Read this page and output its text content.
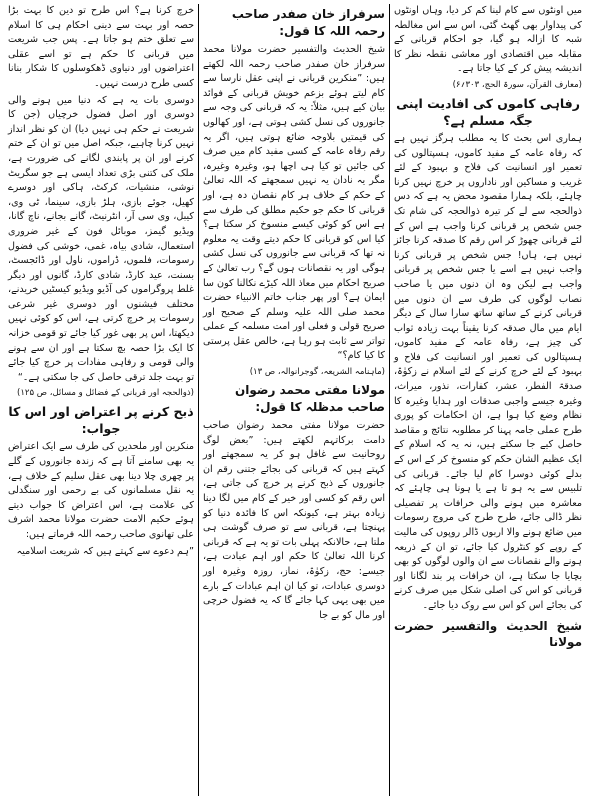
میں اونٹوں سے کام لینا کم کر دیا، وہاں اونٹوں کی پیداوار بھی گھٹ گئی، اس سے اس مغالطہ شبہ کا ازالہ ہو گیا، جو احکام قربانی کے مقابلہ میں اقتصادی اور معاشی نقطہ نظر کا اندیشہ پیش کر کے کیا جاتا ہے۔

(معارف القرآن، سورۃ الحج، ۳۰۳؍۶)

رفاہی کاموں کی افادیت اپنی جگہ مسلم ہے؟

ہماری اس بحث کا یہ مطلب ہرگز نہیں ہے کہ رفاہ عامہ کے مفید کاموں، ہسپتالوں کی تعمیر اور انسانیت کی فلاح و بہبود کے لئے غریب و مساکین اور ناداروں پر خرچ نہیں کرنا چاہئے، بلکہ ہمارا مقصود محض یہ ہے کہ دس ذوالحجہ سے لے کر تیرہ ذوالحجہ کی شام تک جس شخص پر قربانی کرنا واجب ہے اس کے لئے قربانی چھوڑ کر اس رقم کا صدقہ کرنا جائز نہیں ہے، ہاں! جس شخص پر قربانی کرنا واجب نہیں ہے اسے یا جس شخص پر قربانی واجب ہے لیکن وہ ان دنوں میں یا صاحب نصاب لوگوں کی طرف سے ان دنوں میں قربانی کرنے کے ساتھ ساتھ سارا سال کے دیگر ایام میں مال صدقہ کرنا یقیناً بہت زیادہ ثواب کی چیز ہے، رفاہ عامہ کے مفید کاموں، ہسپتالوں کی تعمیر اور انسانیت کی فلاح و بہبود کے لئے خرچ کرنے کے لئے اسلام نے زکوٰۃ، صدقۃ الفطر، عشر، کفارات، نذور، میراث، وغیرہ جیسے واجبی صدقات اور ہدایا وغیرہ کا نظام وضع کیا ہوا ہے، ان احکامات کو پوری طرح عملی جامہ پہنا کر مطلوبہ نتائج و مقاصد حاصل کیے جا سکتے ہیں، نہ یہ کہ اسلام کے ایک عظیم الشان حکم کو منسوخ کر کے اس کے بدلے کوئی دوسرا کام لیا جائے۔ قربانی کی تلبیس سے یہ ہو تا ہے یا ہونا ہی چاہئے کہ معاشرہ میں ہونے والی خرافات پر تفصیلی نظر ڈالی جائے، طرح طرح کی مروج رسومات میں ضائع ہونے والا اربوں ڈالر روپوں کی مالیت کے روپے کو کنٹرول کیا جائے، تو ان کے ذریعہ ہونے والے نقصانات سے ان والوں لوگوں کو بھی بچایا جا سکتا ہے، ان خرافات پر بند لگانا اور قربانی کو اس کی اصلی شکل میں صرف کرنے کی بجائے اس کو اس سے روک دیا جائے۔

شیخ الحدیث والتفسیر حضرت مولانا
سرفراز خان صفدر صاحب رحمہ اللہ کا قول:

شیخ الحدیث والتفسیر حضرت مولانا محمد سرفراز خان صفدر صاحب رحمہ اللہ لکھتے ہیں: ”منکرین قربانی نے اپنی عقل نارسا سے کام لیتے ہوئے بزعم خویش قربانی کے فوائد بیان کیے ہیں، مثلاً: یہ کہ قربانی کی وجہ سے جانوروں کی نسل کشی ہوتی ہے، اور کھالوں کی قیمتیں بلاوجہ ضائع ہوتی ہیں، اگر یہ رقم رفاہ عامہ کے کسی مفید کام میں صرف کی جائیں تو کیا ہی اچھا ہو، وغیرہ وغیرہ، مگر یہ نادان یہ نہیں سمجھتے کہ اللہ تعالیٰ کے حکم کے خلاف ہر کام نقصان دہ ہے، اور قربانی کا حکم جو حکیم مطلق کی طرف سے ہے اس کو کوئی کیسے منسوخ کر سکتا ہے؟ کیا اس کو قربانی کا حکم دیتے وقت یہ معلوم نہ تھا کہ قربانی سے جانوروں کی نسل کشی ہوگی اور یہ نقصانات ہوں گے؟ رب تعالیٰ کے صریح احکام میں معاذ اللہ کیڑے نکالنا کون سا ایمان ہے؟ اور پھر جناب خاتم الانبیاء حضرت محمد صلی اللہ علیہ وسلم کے صحیح اور صریح قولی و فعلی اور امت مسلمہ کے عملی تواتر سے ثابت ہو رہا ہے، خالص عقل پرستی کا کیا کام؟“

(ماہنامہ الشریعہ، گوجرانوالہ، ص ۱۳)

مولانا مفتی محمد رضوان صاحب مدظلہ کا قول:

حضرت مولانا مفتی محمد رضوان صاحب دامت برکاتہم لکھتے ہیں: ”بعض لوگ روحانیت سے غافل ہو کر یہ سمجھتے اور کہتے ہیں کہ قربانی کی بجائے جتنی رقم ان جانوروں کے ذبح کرنے پر خرچ کی جاتی ہے، اس رقم کو کسی اور خیر کے کام میں لگا دینا زیادہ بہتر ہے، کیونکہ اس کا فائدہ دنیا کو پہنچتا ہے، قربانی سے تو صرف گوشت ہی ملتا ہے، حالانکہ پہلی بات تو یہ ہے کہ قربانی کرنا اللہ تعالیٰ کا حکم اور اہم عبادت ہے، جیسے: حج، زکوٰۃ، نماز، روزہ وغیرہ اور دوسری عبادات، تو کیا ان اہم عبادات کے بارے میں بھی یہی کہا جائے گا کہ یہ فضول خرچی اور مال کو بے جا

خرچ کرنا ہے؟ اس طرح تو دین کا بہت بڑا حصہ اور بہت سے دینی احکام ہی کا اسلام سے تعلق ختم ہو جاتا ہے۔ پس جب شریعت میں قربانی کا حکم ہے تو اسے عقلی اعتراضوں اور دنیاوی ڈھکوسلوں کا شکار بنانا کسی طرح درست نہیں۔

دوسری بات یہ ہے کہ دنیا میں ہونے والی دوسری اور اصل فضول خرچیاں (جن کا شریعت نے حکم ہی نہیں دیا) ان کو نظر انداز نہیں کرنا چاہیے، جبکہ اصل میں تو ان کے ختم کرنے اور ان پر پابندی لگانے کی ضرورت ہے، ملک کی کتنی بڑی تعداد ایسی ہے جو سگریٹ نوشی، منشیات، کرکٹ، ہاکی اور دوسرے کھیل، جوئے بازی، ہلڑ بازی، سینما، ٹی وی، کیبل، وی سی آر، انٹرنیٹ، گانے بجانے، ناچ گانا، ویڈیو گیمز، موبائل فون کے غیر ضروری استعمال، شادی بیاہ، غمی، خوشی کی فضول رسومات، فلموں، ڈراموں، ناول اور ڈائجسٹ، بسنت، عید کارڈ، شادی کارڈ، گانوں اور دیگر غلط پروگراموں کی آڈیو ویڈیو کیسٹیں خریدنے، مختلف فیشنوں اور دوسری غیر شرعی رسومات پر خرچ کرتی ہے، اس کو کوئی نہیں دیکھتا، اس پر بھی غور کیا جائے تو قومی خزانہ کا ایک بڑا حصہ بچ سکتا ہے اور ان سے ہونے والی قومی و رفاہی مفادات پر خرچ کیا جائے تو بہت جلد ترقی حاصل کی جا سکتی ہے۔“

(ذوالحجہ اور قربانی کے فضائل و مسائل، ص ۱۲۵)

ذبح کرنے پر اعتراض اور اس کا جواب:

منکرین اور ملحدین کی طرف سے ایک اعتراض یہ بھی سامنے آتا ہے کہ زندہ جانوروں کے گلے پر چھری چلا دینا بھی عقل سلیم کے خلاف ہے، یہ نقل مسلمانوں کی بے رحمی اور سنگدلی کی علامت ہے، اس اعتراض کا جواب دیتے ہوئے حکیم الامت حضرت مولانا محمد اشرف علی تھانوی صاحب رحمہ اللہ فرماتے ہیں:

”ہم دعوے سے کہتے ہیں کہ شریعت اسلامیہ
